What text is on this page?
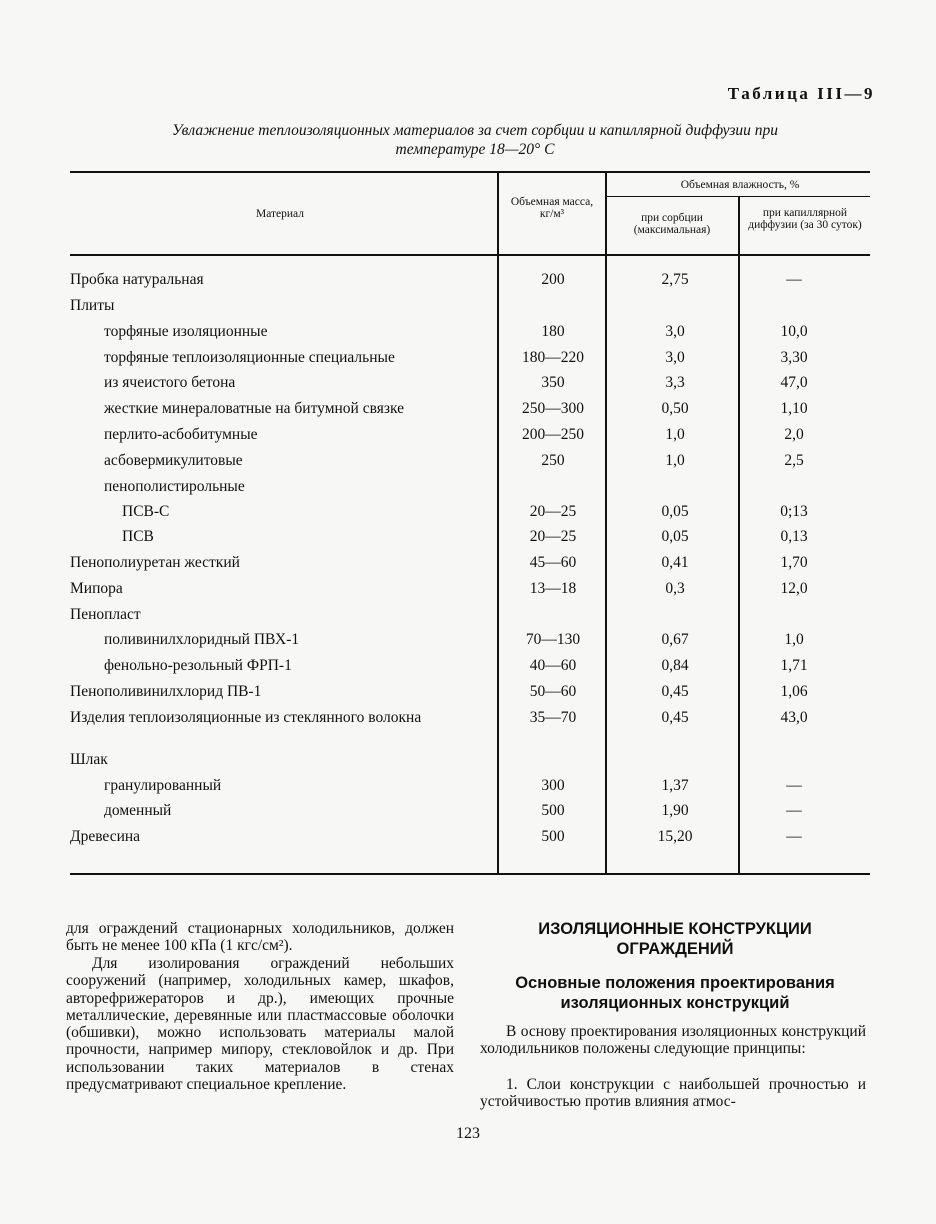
Таблица III—9
Увлажнение теплоизоляционных материалов за счет сорбции и капиллярной диффузии при температуре 18—20° С
Материал
Объемная масса, кг/м³
Объемная влажность, %
при сорбции (максимальная)
при капиллярной диффузии (за 30 суток)
Пробка натуральная	200	2,75	—
Плиты
торфяные изоляционные	180	3,0	10,0
торфяные теплоизоляционные специальные	180—220	3,0	3,30
из ячеистого бетона	350	3,3	47,0
жесткие минераловатные на битумной связке	250—300	0,50	1,10
перлито-асбобитумные	200—250	1,0	2,0
асбовермикулитовые	250	1,0	2,5
пенополистирольные
ПСВ-С	20—25	0,05	0;13
ПСВ	20—25	0,05	0,13
Пенополиуретан жесткий	45—60	0,41	1,70
Мипора	13—18	0,3	12,0
Пенопласт
поливинилхлоридный ПВХ-1	70—130	0,67	1,0
фенольно-резольный ФРП-1	40—60	0,84	1,71
Пенополивинилхлорид ПВ-1	50—60	0,45	1,06
Изделия теплоизоляционные из стеклянного волокна	35—70	0,45	43,0
Шлак
гранулированный	300	1,37	—
доменный	500	1,90	—
Древесина	500	15,20	—
для ограждений стационарных холодильников, должен быть не менее 100 кПа (1 кгс/см²).
Для изолирования ограждений небольших сооружений (например, холодильных камер, шкафов, авторефрижераторов и др.), имеющих прочные металлические, деревянные или пластмассовые оболочки (обшивки), можно использовать материалы малой прочности, например мипору, стекловойлок и др. При использовании таких материалов в стенах предусматривают специальное крепление.
ИЗОЛЯЦИОННЫЕ КОНСТРУКЦИИ ОГРАЖДЕНИЙ
Основные положения проектирования изоляционных конструкций
В основу проектирования изоляционных конструкций холодильников положены следующие принципы:
1. Слои конструкции с наибольшей прочностью и устойчивостью против влияния атмос-
123
